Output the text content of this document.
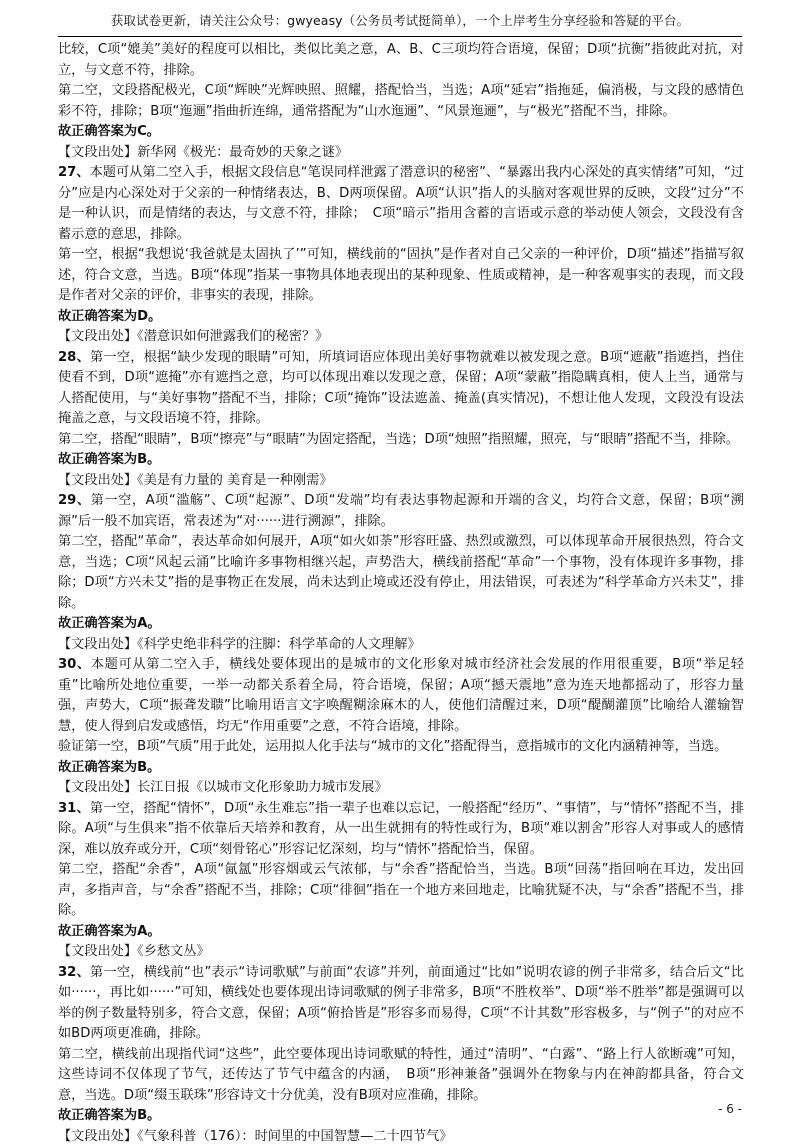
获取试卷更新，请关注公众号：gwyeasy（公务员考试挺简单），一个上岸考生分享经验和答疑的平台。

比较，C项“媲美”美好的程度可以相比，类似比美之意，A、B、C三项均符合语境，保留；D项“抗衡”指彼此对抗，对立，与文意不符，排除。

第二空，文段搭配极光，C项“辉映”光辉映照、照耀，搭配恰当，当选；A项“延宕”指拖延，偏消极，与文段的感情色彩不符，排除；B项“迤逦”指曲折连绵，通常搭配为“山水迤逦”、“风景迤逦”，与“极光”搭配不当，排除。

故正确答案为C。

【文段出处】新华网《极光：最奇妙的天象之谜》

27、本题可从第二空入手，根据文段信息“笔误同样泄露了潜意识的秘密”、“暴露出我内心深处的真实情绪”可知，“过分”应是内心深处对于父亲的一种情绪表达，B、D两项保留。A项“认识”指人的头脑对客观世界的反映，文段“过分”不是一种认识，而是情绪的表达，与文意不符，排除；　C项“暗示”指用含蓄的言语或示意的举动使人领会，文段没有含蓄示意的意思，排除。

第一空，根据“我想说‘我爸就是太固执了’”可知，横线前的“固执”是作者对自己父亲的一种评价，D项“描述”指描写叙述，符合文意，当选。B项“体现”指某一事物具体地表现出的某种现象、性质或精神，是一种客观事实的表现，而文段是作者对父亲的评价，非事实的表现，排除。

故正确答案为D。

【文段出处】《潜意识如何泄露我们的秘密？》

28、第一空，根据“缺少发现的眼睛”可知，所填词语应体现出美好事物就难以被发现之意。B项“遮蔽”指遮挡，挡住使看不到，D项“遮掩”亦有遮挡之意，均可以体现出难以发现之意，保留；A项“蒙蔽”指隐瞒真相，使人上当，通常与人搭配使用，与“美好事物”搭配不当，排除；C项“掩饰”设法遮盖、掩盖(真实情况)，不想让他人发现，文段没有设法掩盖之意，与文段语境不符，排除。

第二空，搭配“眼睛”，B项“擦亮”与“眼睛”为固定搭配，当选；D项“烛照”指照耀，照亮，与“眼睛”搭配不当，排除。

故正确答案为B。

【文段出处】《美是有力量的 美育是一种刚需》

29、第一空，A项“滥觞”、C项“起源”、D项“发端”均有表达事物起源和开端的含义，均符合文意，保留；B项“溯源”后一般不加宾语，常表述为“对······进行溯源”，排除。

第二空，搭配“革命”，表达革命如何展开，A项“如火如荼”形容旺盛、热烈或激烈，可以体现革命开展很热烈，符合文意，当选；C项“风起云涌”比喻许多事物相继兴起，声势浩大，横线前搭配“革命”一个事物，没有体现许多事物，排除；D项“方兴未艾”指的是事物正在发展，尚未达到止境或还没有停止，用法错误，可表述为“科学革命方兴未艾”，排除。

故正确答案为A。

【文段出处】《科学史绝非科学的注脚：科学革命的人文理解》

30、本题可从第二空入手，横线处要体现出的是城市的文化形象对城市经济社会发展的作用很重要，B项“举足轻重”比喻所处地位重要，一举一动都关系着全局，符合语境，保留；A项“撼天震地”意为连天地都摇动了，形容力量强，声势大，C项“振聋发聩”比喻用语言文字唤醒糊涂麻木的人，使他们清醒过来，D项“醍醐灌顶”比喻给人灌输智慧，使人得到启发或感悟，均无“作用重要”之意，不符合语境，排除。

验证第一空，B项“气质”用于此处，运用拟人化手法与“城市的文化”搭配得当，意指城市的文化内涵精神等，当选。

故正确答案为B。

【文段出处】长江日报《以城市文化形象助力城市发展》

31、第一空，搭配“情怀”，D项“永生难忘”指一辈子也难以忘记，一般搭配“经历”、“事情”，与“情怀”搭配不当，排除。A项“与生俱来”指不依靠后天培养和教育，从一出生就拥有的特性或行为，B项“难以割舍”形容人对事或人的感情深，难以放弃或分开，C项“刻骨铭心”形容记忆深刻，均与“情怀”搭配恰当，保留。

第二空，搭配“余香”，A项“氤氲”形容烟或云气浓郁，与“余香”搭配恰当，当选。B项“回荡”指回响在耳边，发出回声，多指声音，与“余香”搭配不当，排除；C项“徘徊”指在一个地方来回地走，比喻犹疑不决，与“余香”搭配不当，排除。

故正确答案为A。

【文段出处】《乡愁文丛》

32、第一空，横线前“也”表示“诗词歌赋”与前面“农谚”并列，前面通过“比如”说明农谚的例子非常多，结合后文“比如······，再比如······”可知，横线处也要体现出诗词歌赋的例子非常多，B项“不胜枚举”、D项“举不胜举”都是强调可以举的例子数量特别多，符合文意，保留；A项“俯拾皆是”形容多而易得，C项“不计其数”形容极多，与“例子”的对应不如BD两项更准确，排除。

第二空，横线前出现指代词“这些”，此空要体现出诗词歌赋的特性，通过“清明”、“白露”、“路上行人欲断魂”可知，这些诗词不仅体现了节气，还传达了节气中蕴含的内涵，　B项“形神兼备”强调外在物象与内在神韵都具备，符合文意，当选。D项“缀玉联珠”形容诗文十分优美，没有B项对应准确，排除。

故正确答案为B。

【文段出处】《气象科普（176）：时间里的中国智慧—二十四节气》

- 6 -
